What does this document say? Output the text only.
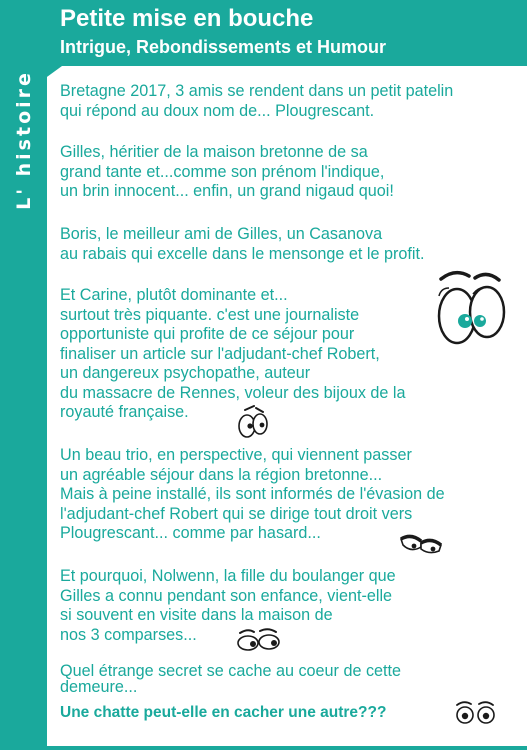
L' histoire
Petite mise en bouche
Intrigue, Rebondissements et Humour

Bretagne 2017, 3 amis se rendent dans un petit patelin
qui répond au doux nom de... Plougrescant.

Gilles, héritier de la maison bretonne de sa
grand tante et...comme son prénom l'indique,
un brin innocent... enfin, un grand nigaud quoi!

Boris, le meilleur ami de Gilles, un Casanova
au rabais qui excelle dans le mensonge et le profit.

Et Carine, plutôt dominante et...
surtout très piquante. c'est une journaliste
opportuniste qui profite de ce séjour pour
finaliser un article sur l'adjudant-chef Robert,
un dangereux psychopathe, auteur
du massacre de Rennes, voleur des bijoux de la
royauté française.

Un beau trio, en perspective, qui viennent passer
un agréable séjour dans la région bretonne...
Mais à peine installé, ils sont informés de l'évasion de
l'adjudant-chef Robert qui se dirige tout droit vers
Plougrescant... comme par hasard...

Et pourquoi, Nolwenn, la fille du boulanger que
Gilles a connu pendant son enfance, vient-elle
si souvent en visite dans la maison de
nos 3 comparses...

Quel étrange secret se cache au coeur de cette
demeure...

Une chatte peut-elle en cacher une autre???
